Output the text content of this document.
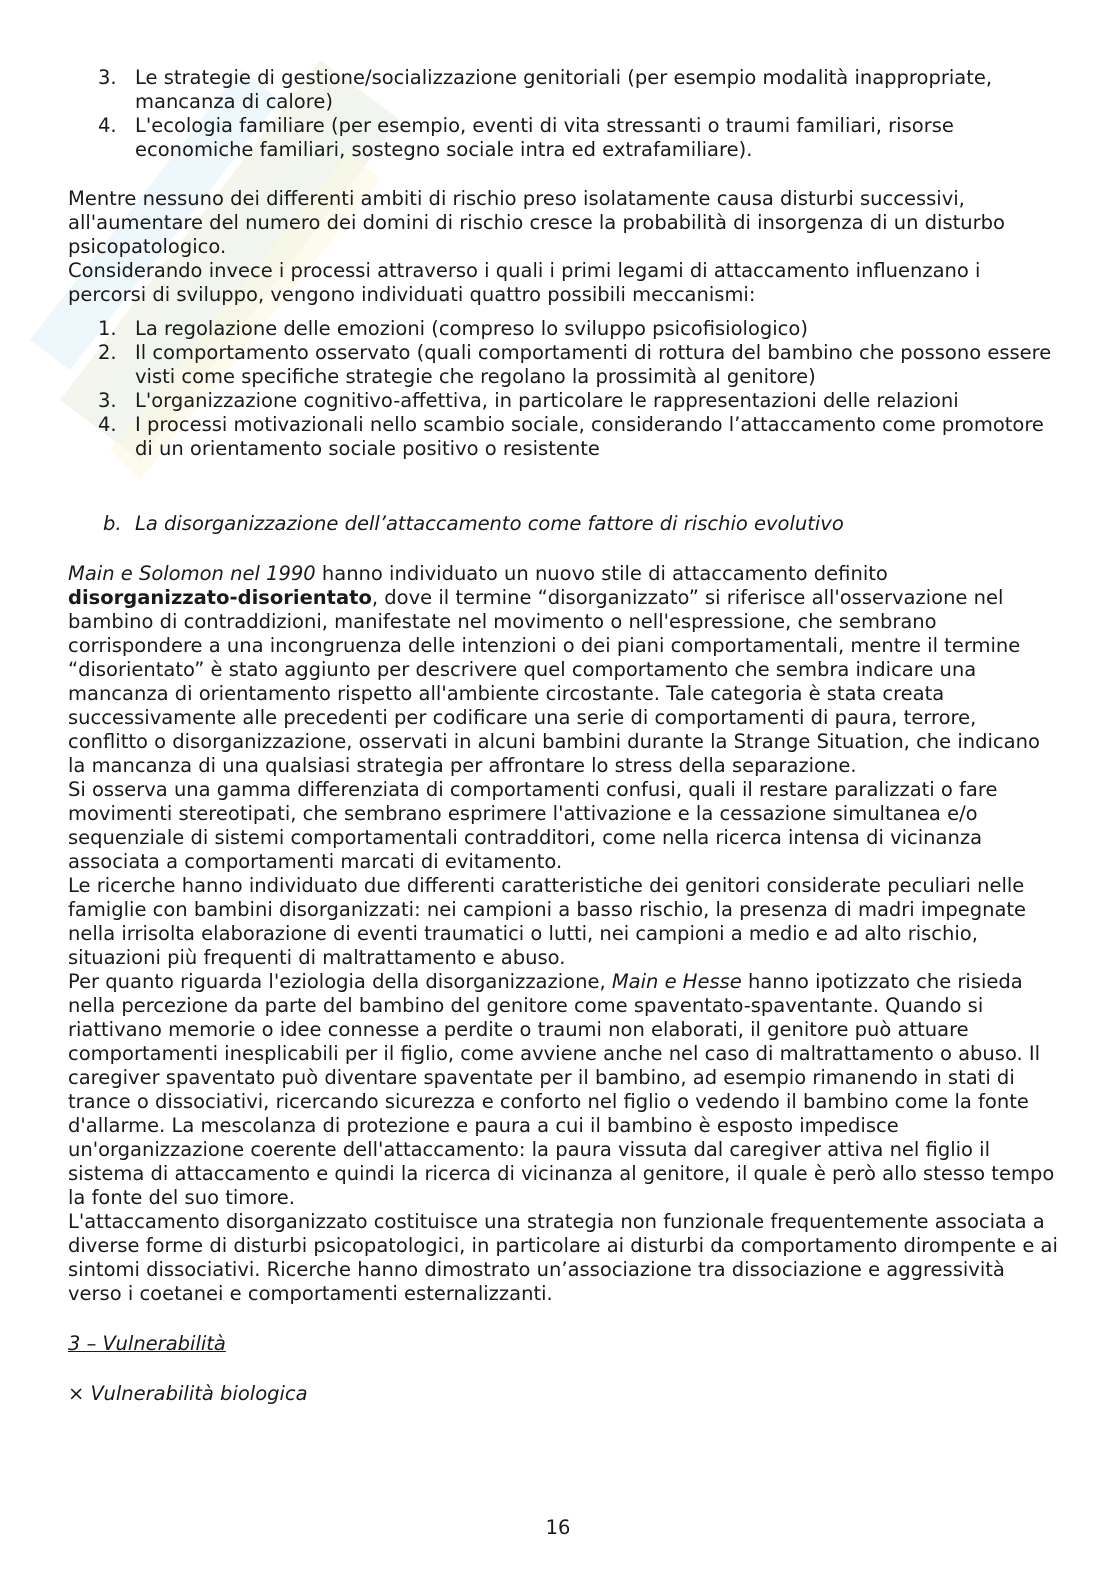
3. Le strategie di gestione/socializzazione genitoriali (per esempio modalità inappropriate, mancanza di calore)
4. L'ecologia familiare (per esempio, eventi di vita stressanti o traumi familiari, risorse economiche familiari, sostegno sociale intra ed extrafamiliare).

Mentre nessuno dei differenti ambiti di rischio preso isolatamente causa disturbi successivi, all'aumentare del numero dei domini di rischio cresce la probabilità di insorgenza di un disturbo psicopatologico.

Considerando invece i processi attraverso i quali i primi legami di attaccamento influenzano i percorsi di sviluppo, vengono individuati quattro possibili meccanismi:

1. La regolazione delle emozioni (compreso lo sviluppo psicofisiologico)
2. Il comportamento osservato (quali comportamenti di rottura del bambino che possono essere visti come specifiche strategie che regolano la prossimità al genitore)
3. L'organizzazione cognitivo-affettiva, in particolare le rappresentazioni delle relazioni
4. I processi motivazionali nello scambio sociale, considerando l’attaccamento come promotore di un orientamento sociale positivo o resistente
b. La disorganizzazione dell’attaccamento come fattore di rischio evolutivo

Main e Solomon nel 1990 hanno individuato un nuovo stile di attaccamento definito disorganizzato-disorientato, dove il termine “disorganizzato” si riferisce all'osservazione nel bambino di contraddizioni, manifestate nel movimento o nell'espressione, che sembrano corrispondere a una incongruenza delle intenzioni o dei piani comportamentali, mentre il termine “disorientato” è stato aggiunto per descrivere quel comportamento che sembra indicare una mancanza di orientamento rispetto all'ambiente circostante. Tale categoria è stata creata successivamente alle precedenti per codificare una serie di comportamenti di paura, terrore, conflitto o disorganizzazione, osservati in alcuni bambini durante la Strange Situation, che indicano la mancanza di una qualsiasi strategia per affrontare lo stress della separazione.

Si osserva una gamma differenziata di comportamenti confusi, quali il restare paralizzati o fare movimenti stereotipati, che sembrano esprimere l'attivazione e la cessazione simultanea e/o sequenziale di sistemi comportamentali contradditori, come nella ricerca intensa di vicinanza associata a comportamenti marcati di evitamento.

Le ricerche hanno individuato due differenti caratteristiche dei genitori considerate peculiari nelle famiglie con bambini disorganizzati: nei campioni a basso rischio, la presenza di madri impegnate nella irrisolta elaborazione di eventi traumatici o lutti, nei campioni a medio e ad alto rischio, situazioni più frequenti di maltrattamento e abuso.

Per quanto riguarda l'eziologia della disorganizzazione, Main e Hesse hanno ipotizzato che risieda nella percezione da parte del bambino del genitore come spaventato-spaventante. Quando si riattivano memorie o idee connesse a perdite o traumi non elaborati, il genitore può attuare comportamenti inesplicabili per il figlio, come avviene anche nel caso di maltrattamento o abuso. Il caregiver spaventato può diventare spaventate per il bambino, ad esempio rimanendo in stati di trance o dissociativi, ricercando sicurezza e conforto nel figlio o vedendo il bambino come la fonte d'allarme. La mescolanza di protezione e paura a cui il bambino è esposto impedisce un'organizzazione coerente dell'attaccamento: la paura vissuta dal caregiver attiva nel figlio il sistema di attaccamento e quindi la ricerca di vicinanza al genitore, il quale è però allo stesso tempo la fonte del suo timore.

L'attaccamento disorganizzato costituisce una strategia non funzionale frequentemente associata a diverse forme di disturbi psicopatologici, in particolare ai disturbi da comportamento dirompente e ai sintomi dissociativi. Ricerche hanno dimostrato un’associazione tra dissociazione e aggressività verso i coetanei e comportamenti esternalizzanti.

3 – Vulnerabilità

⨯ Vulnerabilità biologica

16
